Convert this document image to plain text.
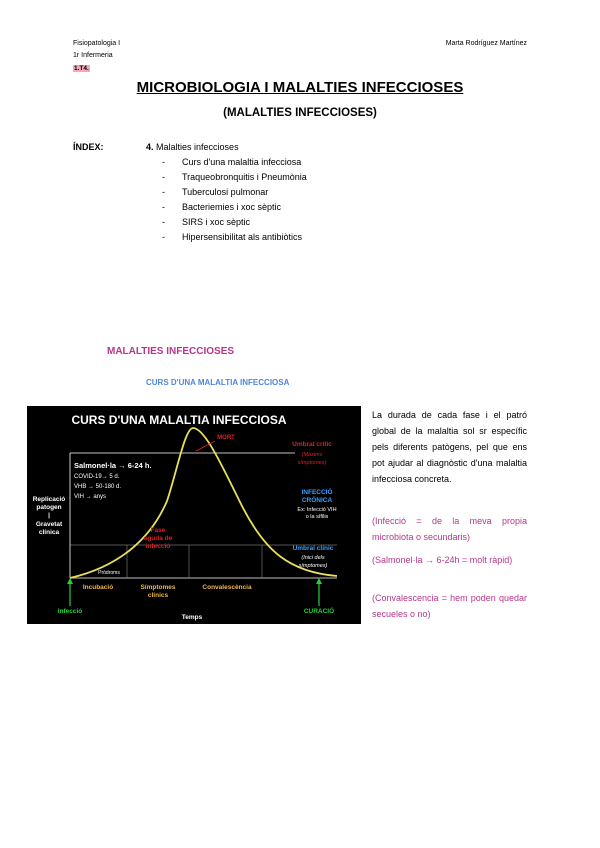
Fisiopatologia I
1r Infermeria
1.T4.
Marta Rodríguez Martínez
MICROBIOLOGIA I MALALTIES INFECCIOSES
(MALALTIES INFECCIOSES)
ÍNDEX:	4. Malalties infeccioses
- Curs d'una malaltia infecciosa
- Traqueobronquitis i Pneumònia
- Tuberculosi pulmonar
- Bacteriemies i xoc sèptic
- SIRS i xoc sèptic
- Hipersensibilitat als antibiòtics
MALALTIES INFECCIOSES
CURS D'UNA MALALTIA INFECCIOSA
CURS D'UNA MALALTIA INFECCIOSA
Salmonel·la → 6-24 h.
COVID-19→ 5 d.
VHB → 50-180 d.
VIH → anys
Replicació
patogen
|
Gravetat
clínica
MORT
Umbral crític
(Màxims
símptomes)
INFECCIÓ
CRÒNICA
Ex: Infecció VIH
o la sífilis
Fase
aguda de
infecció	Umbral clínic
(Inici dels
símptomes)
Pròdroms
Incubació	Símptomes
clínics
Convalescència
Infecció	CURACIÓ
Temps
La durada de cada fase i el patró global de la malaltia sol sr específic pels diferents patògens, pel que ens pot ajudar al diagnòstic d'una malaltia infecciosa concreta.
(Infecció = de la meva propia microbiota o secundaris)
(Salmonel·la → 6-24h = molt ràpid)
(Convalescencia = hem poden quedar secueles o no)
